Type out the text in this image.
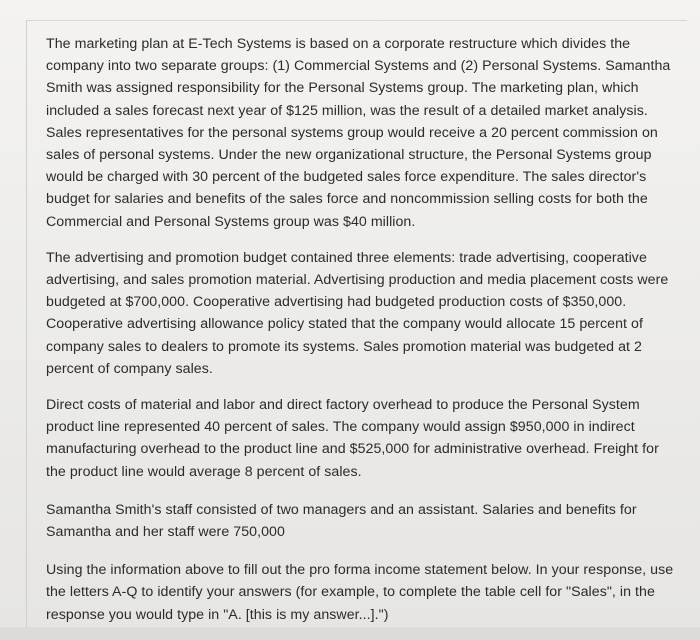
The marketing plan at E-Tech Systems is based on a corporate restructure which divides the company into two separate groups: (1) Commercial Systems and (2) Personal Systems. Samantha Smith was assigned responsibility for the Personal Systems group. The marketing plan, which included a sales forecast next year of $125 million, was the result of a detailed market analysis. Sales representatives for the personal systems group would receive a 20 percent commission on sales of personal systems. Under the new organizational structure, the Personal Systems group would be charged with 30 percent of the budgeted sales force expenditure. The sales director's budget for salaries and benefits of the sales force and noncommission selling costs for both the Commercial and Personal Systems group was $40 million.

The advertising and promotion budget contained three elements: trade advertising, cooperative advertising, and sales promotion material. Advertising production and media placement costs were budgeted at $700,000. Cooperative advertising had budgeted production costs of $350,000. Cooperative advertising allowance policy stated that the company would allocate 15 percent of company sales to dealers to promote its systems. Sales promotion material was budgeted at 2 percent of company sales.

Direct costs of material and labor and direct factory overhead to produce the Personal System product line represented 40 percent of sales. The company would assign $950,000 in indirect manufacturing overhead to the product line and $525,000 for administrative overhead. Freight for the product line would average 8 percent of sales.

Samantha Smith's staff consisted of two managers and an assistant. Salaries and benefits for Samantha and her staff were 750,000

Using the information above to fill out the pro forma income statement below. In your response, use the letters A-Q to identify your answers (for example, to complete the table cell for "Sales", in the response you would type in "A. [this is my answer...].")
